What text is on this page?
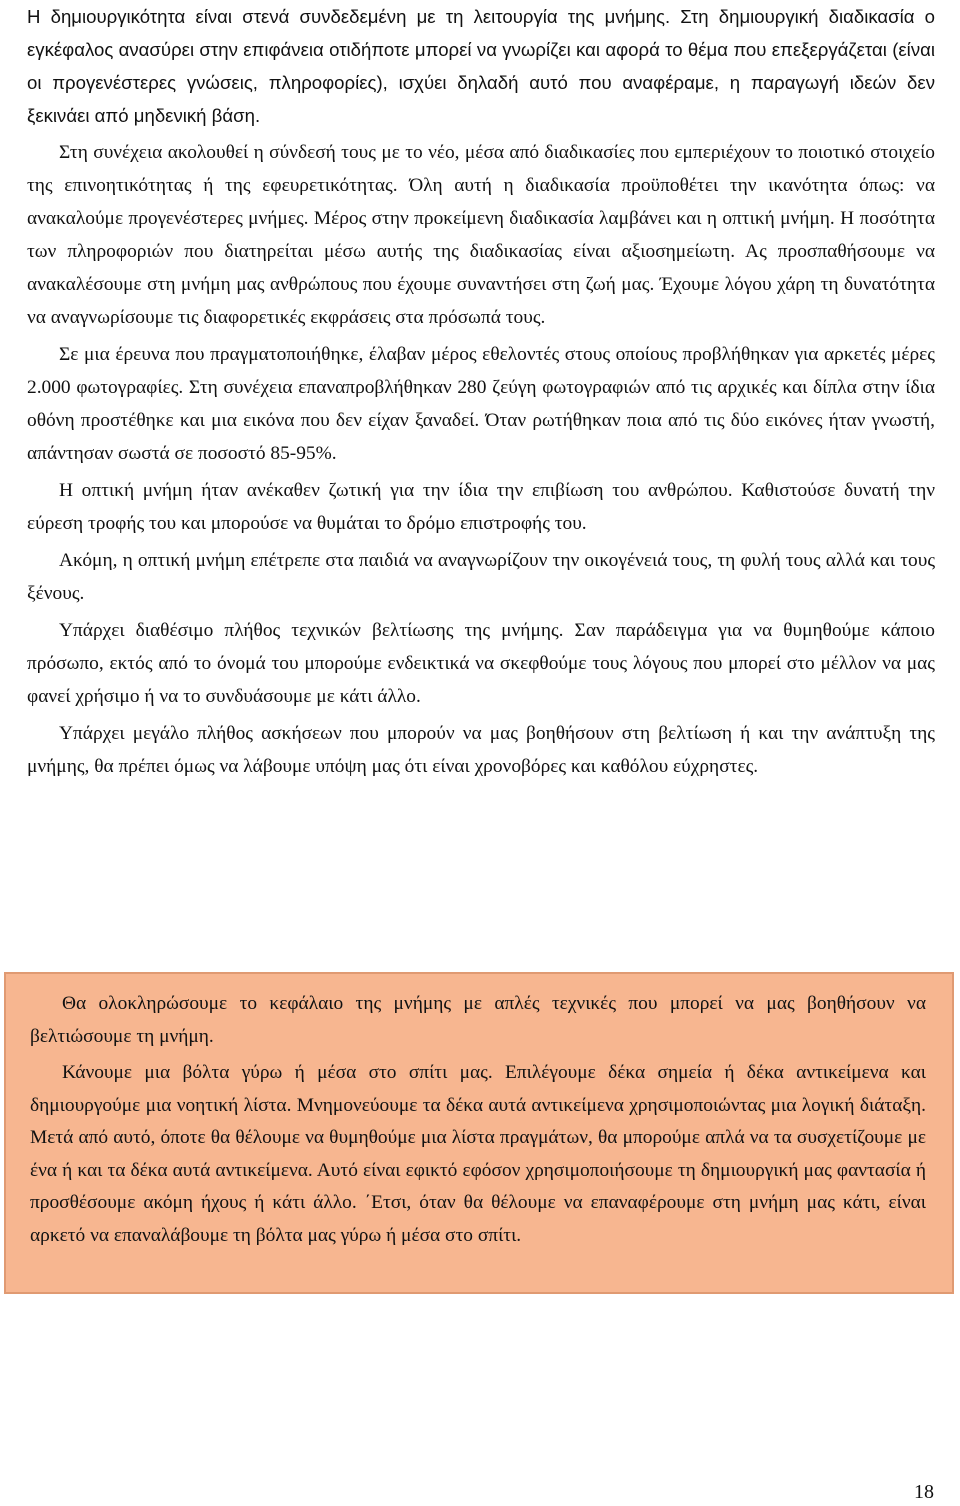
Η δημιουργικότητα είναι στενά συνδεδεμένη με τη λειτουργία της μνήμης. Στη δημιουργική διαδικασία ο εγκέφαλος ανασύρει στην επιφάνεια οτιδήποτε μπορεί να γνωρίζει και αφορά το θέμα που επεξεργάζεται (είναι οι προγενέστερες γνώσεις, πληροφορίες), ισχύει δηλαδή αυτό που αναφέραμε, η παραγωγή ιδεών δεν ξεκινάει από μηδενική βάση.

Στη συνέχεια ακολουθεί η σύνδεσή τους με το νέο, μέσα από διαδικασίες που εμπεριέχουν το ποιοτικό στοιχείο της επινοητικότητας ή της εφευρετικότητας. Όλη αυτή η διαδικασία προϋποθέτει την ικανότητα όπως: να ανακαλούμε προγενέστερες μνήμες. Μέρος στην προκείμενη διαδικασία λαμβάνει και η οπτική μνήμη. Η ποσότητα των πληροφοριών που διατηρείται μέσω αυτής της διαδικασίας είναι αξιοσημείωτη. Ας προσπαθήσουμε να ανακαλέσουμε στη μνήμη μας ανθρώπους που έχουμε συναντήσει στη ζωή μας. Έχουμε λόγου χάρη τη δυνατότητα να αναγνωρίσουμε τις διαφορετικές εκφράσεις στα πρόσωπά τους.

Σε μια έρευνα που πραγματοποιήθηκε, έλαβαν μέρος εθελοντές στους οποίους προβλήθηκαν για αρκετές μέρες 2.000 φωτογραφίες. Στη συνέχεια επαναπροβλήθηκαν 280 ζεύγη φωτογραφιών από τις αρχικές και δίπλα στην ίδια οθόνη προστέθηκε και μια εικόνα που δεν είχαν ξαναδεί. Όταν ρωτήθηκαν ποια από τις δύο εικόνες ήταν γνωστή, απάντησαν σωστά σε ποσοστό 85-95%.

Η οπτική μνήμη ήταν ανέκαθεν ζωτική για την ίδια την επιβίωση του ανθρώπου. Καθιστούσε δυνατή την εύρεση τροφής του και μπορούσε να θυμάται το δρόμο επιστροφής του.

Ακόμη, η οπτική μνήμη επέτρεπε στα παιδιά να αναγνωρίζουν την οικογένειά τους, τη φυλή τους αλλά και τους ξένους.

Υπάρχει διαθέσιμο πλήθος τεχνικών βελτίωσης της μνήμης. Σαν παράδειγμα για να θυμηθούμε κάποιο πρόσωπο, εκτός από το όνομά του μπορούμε ενδεικτικά να σκεφθούμε τους λόγους που μπορεί στο μέλλον να μας φανεί χρήσιμο ή να το συνδυάσουμε με κάτι άλλο.

Υπάρχει μεγάλο πλήθος ασκήσεων που μπορούν να μας βοηθήσουν στη βελτίωση ή και την ανάπτυξη της μνήμης, θα πρέπει όμως να λάβουμε υπόψη μας ότι είναι χρονοβόρες και καθόλου εύχρηστες.

Θα ολοκληρώσουμε το κεφάλαιο της μνήμης με απλές τεχνικές που μπορεί να μας βοηθήσουν να βελτιώσουμε τη μνήμη.

Κάνουμε μια βόλτα γύρω ή μέσα στο σπίτι μας. Επιλέγουμε δέκα σημεία ή δέκα αντικείμενα και δημιουργούμε μια νοητική λίστα. Μνημονεύουμε τα δέκα αυτά αντικείμενα χρησιμοποιώντας μια λογική διάταξη. Μετά από αυτό, όποτε θα θέλουμε να θυμηθούμε μια λίστα πραγμάτων, θα μπορούμε απλά να τα συσχετίζουμε με ένα ή και τα δέκα αυτά αντικείμενα. Αυτό είναι εφικτό εφόσον χρησιμοποιήσουμε τη δημιουργική μας φαντασία ή προσθέσουμε ακόμη ήχους ή κάτι άλλο. ΄Ετσι, όταν θα θέλουμε να επαναφέρουμε στη μνήμη μας κάτι, είναι αρκετό να επαναλάβουμε τη βόλτα μας γύρω ή μέσα στο σπίτι.

18
